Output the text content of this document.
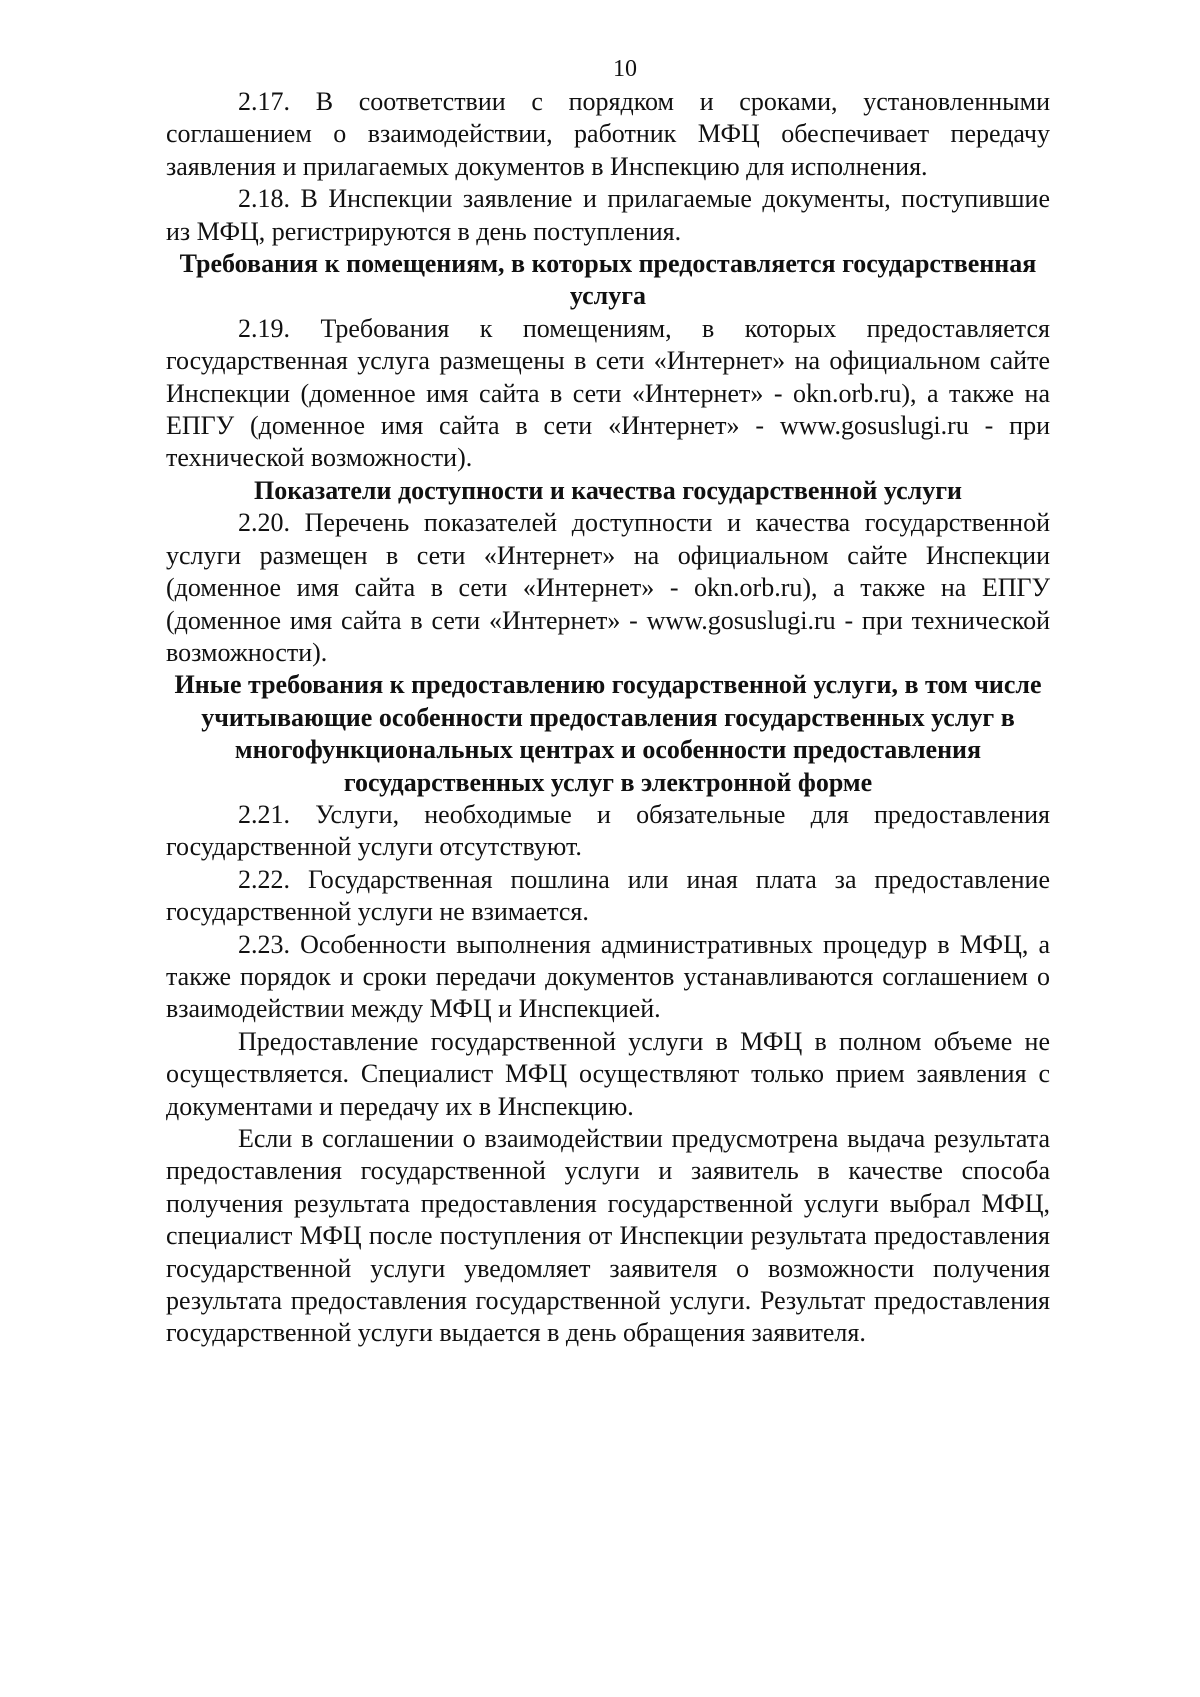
10

2.17. В соответствии с порядком и сроками, установленными соглашением о взаимодействии, работник МФЦ обеспечивает передачу заявления и прилагаемых документов в Инспекцию для исполнения.

2.18. В Инспекции заявление и прилагаемые документы, поступившие из МФЦ, регистрируются в день поступления.

Требования к помещениям, в которых предоставляется государственная услуга

2.19. Требования к помещениям, в которых предоставляется государственная услуга размещены в сети «Интернет» на официальном сайте Инспекции (доменное имя сайта в сети «Интернет» - okn.orb.ru), а также на ЕПГУ (доменное имя сайта в сети «Интернет» - www.gosuslugi.ru - при технической возможности).

Показатели доступности и качества государственной услуги

2.20. Перечень показателей доступности и качества государственной услуги размещен в сети «Интернет» на официальном сайте Инспекции (доменное имя сайта в сети «Интернет» - okn.orb.ru), а также на ЕПГУ (доменное имя сайта в сети «Интернет» - www.gosuslugi.ru - при технической возможности).

Иные требования к предоставлению государственной услуги, в том числе учитывающие особенности предоставления государственных услуг в многофункциональных центрах и особенности предоставления государственных услуг в электронной форме

2.21. Услуги, необходимые и обязательные для предоставления государственной услуги отсутствуют.

2.22. Государственная пошлина или иная плата за предоставление государственной услуги не взимается.

2.23. Особенности выполнения административных процедур в МФЦ, а также порядок и сроки передачи документов устанавливаются соглашением о взаимодействии между МФЦ и Инспекцией.

Предоставление государственной услуги в МФЦ в полном объеме не осуществляется. Специалист МФЦ осуществляют только прием заявления с документами и передачу их в Инспекцию.

Если в соглашении о взаимодействии предусмотрена выдача результата предоставления государственной услуги и заявитель в качестве способа получения результата предоставления государственной услуги выбрал МФЦ, специалист МФЦ после поступления от Инспекции результата предоставления государственной услуги уведомляет заявителя о возможности получения результата предоставления государственной услуги. Результат предоставления государственной услуги выдается в день обращения заявителя.
